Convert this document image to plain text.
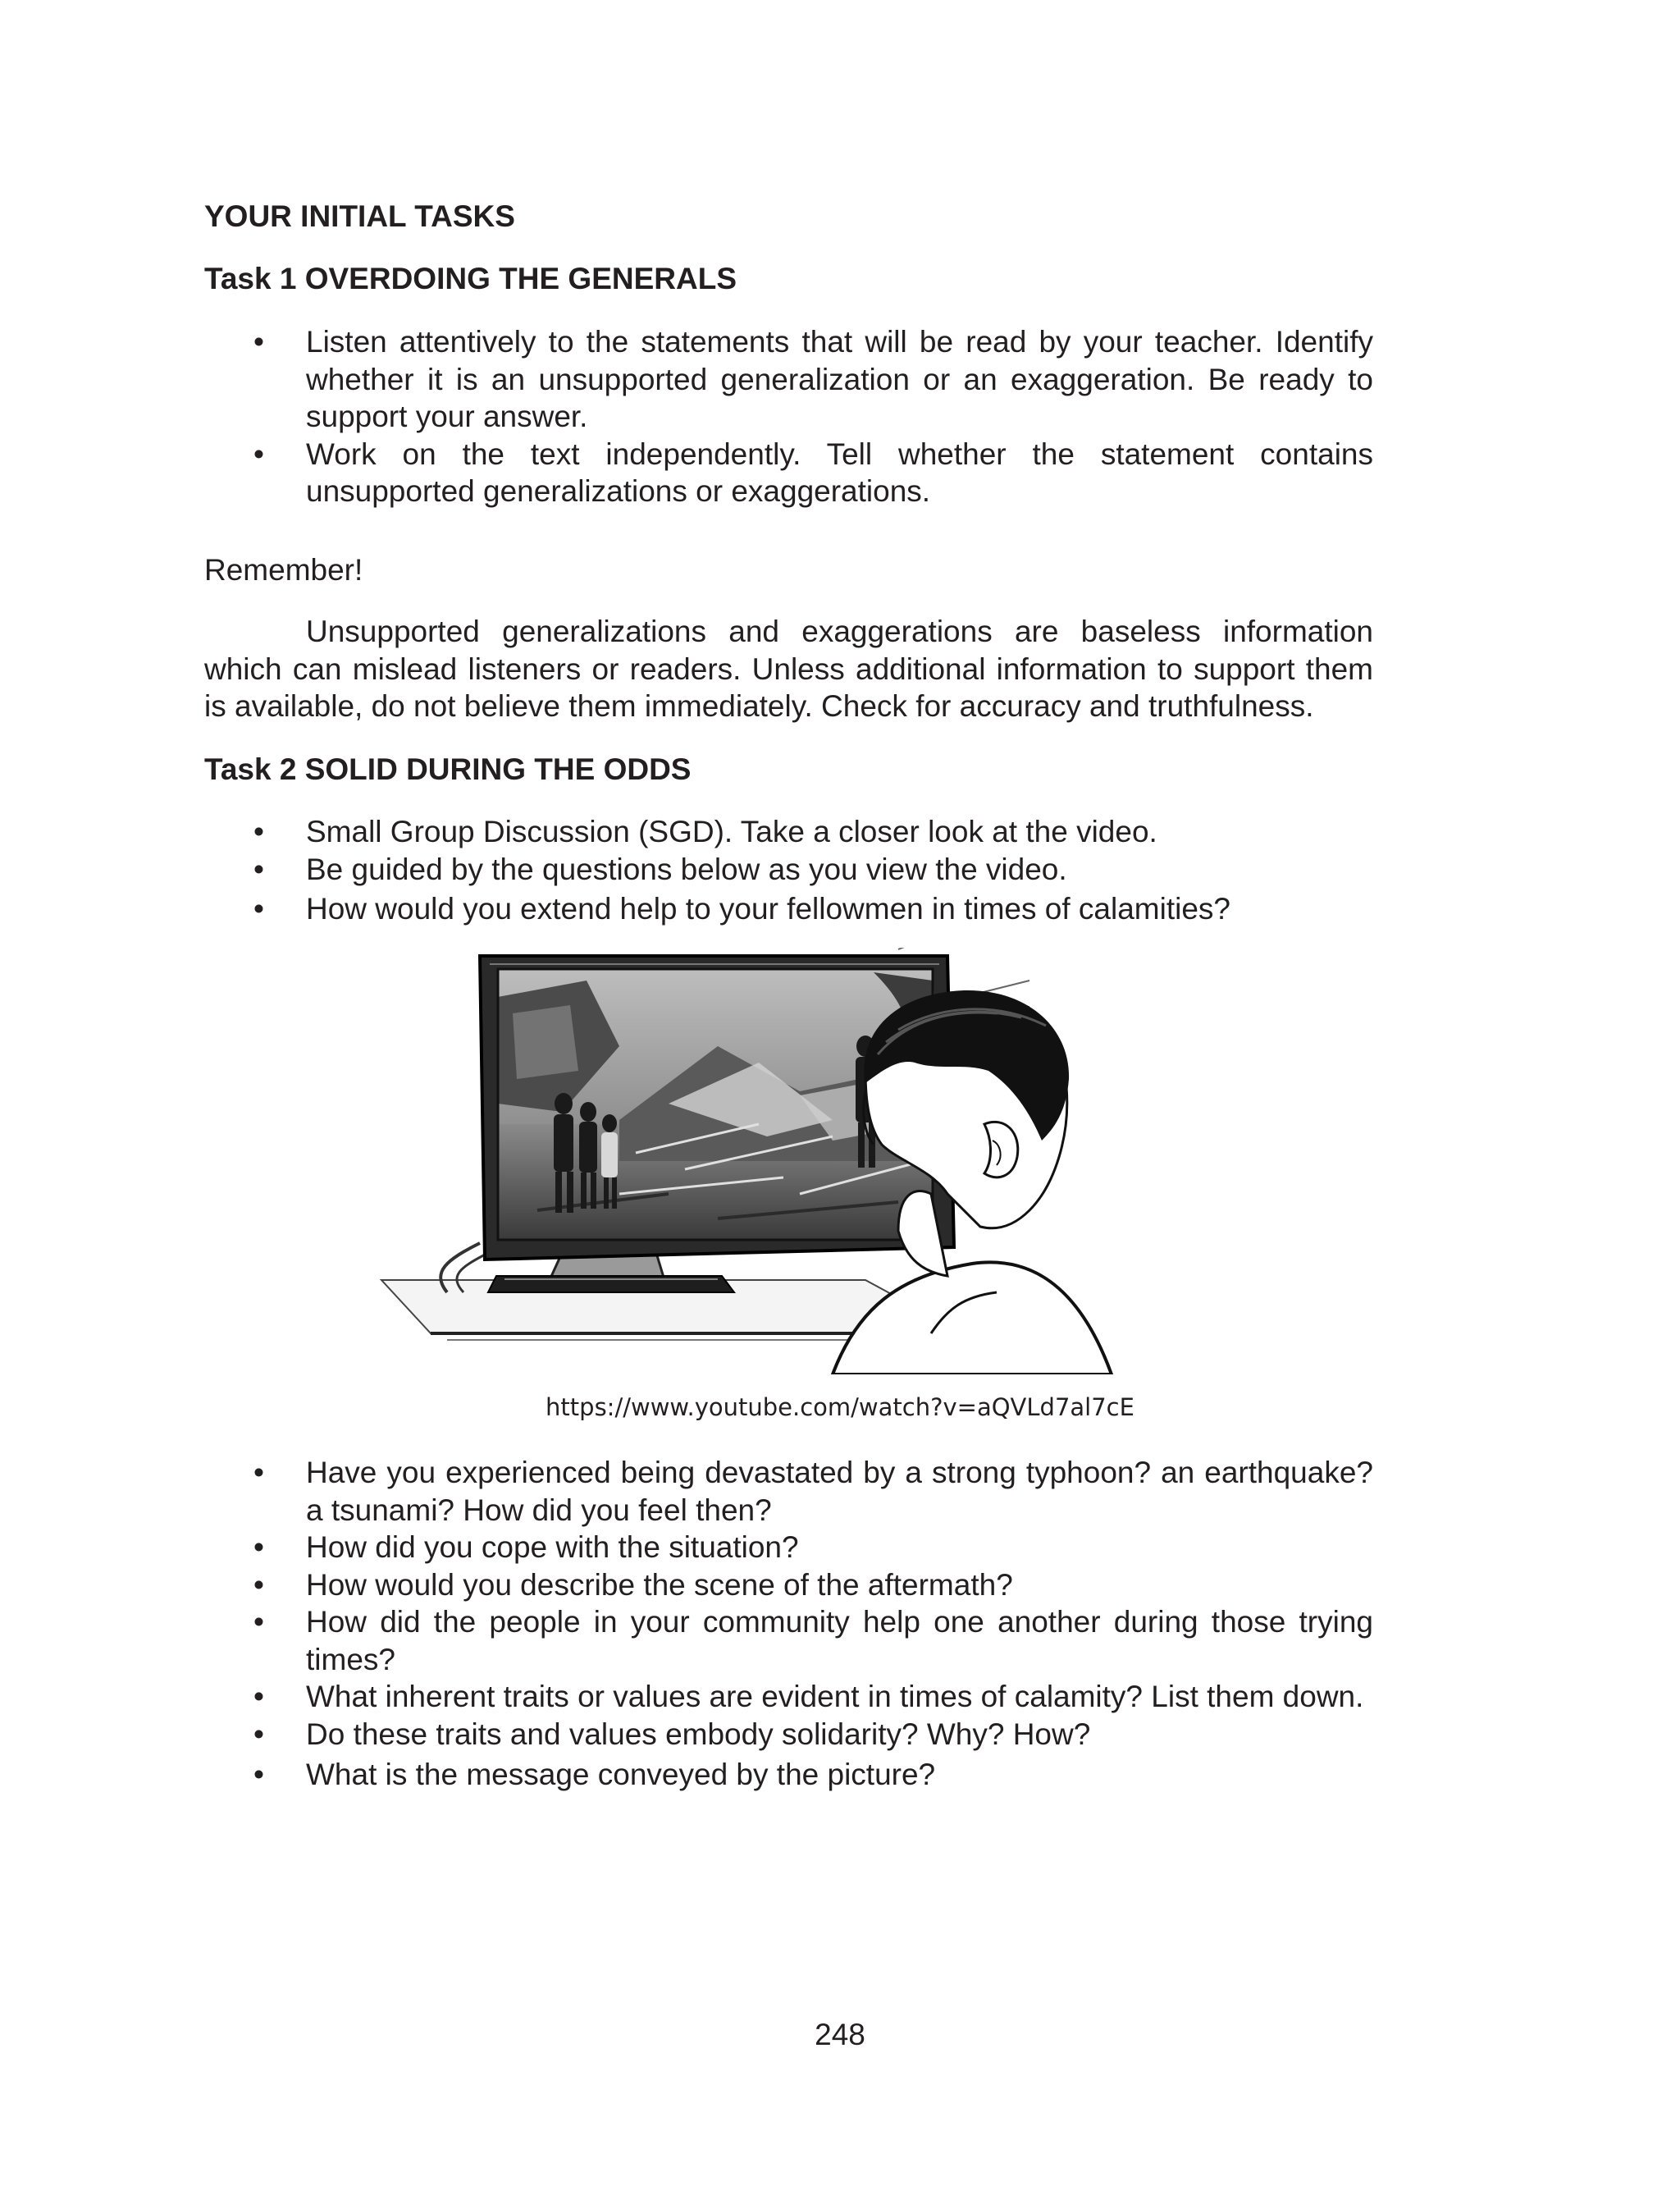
YOUR INITIAL TASKS
Task 1 OVERDOING THE GENERALS
• Listen attentively to the statements that will be read by your teacher. Identify whether it is an unsupported generalization or an exaggeration. Be ready to support your answer.
• Work on the text independently. Tell whether the statement contains unsupported generalizations or exaggerations.

Remember!

Unsupported generalizations and exaggerations are baseless information which can mislead listeners or readers. Unless additional information to support them is available, do not believe them immediately. Check for accuracy and truthfulness.

Task 2 SOLID DURING THE ODDS
• Small Group Discussion (SGD). Take a closer look at the video.
• Be guided by the questions below as you view the video.
• How would you extend help to your fellowmen in times of calamities?
https://www.youtube.com/watch?v=aQVLd7al7cE
• Have you experienced being devastated by a strong typhoon? an earthquake? a tsunami? How did you feel then?
• How did you cope with the situation?
• How would you describe the scene of the aftermath?
• How did the people in your community help one another during those trying times?
• What inherent traits or values are evident in times of calamity? List them down.
• Do these traits and values embody solidarity? Why? How?
• What is the message conveyed by the picture?
248
